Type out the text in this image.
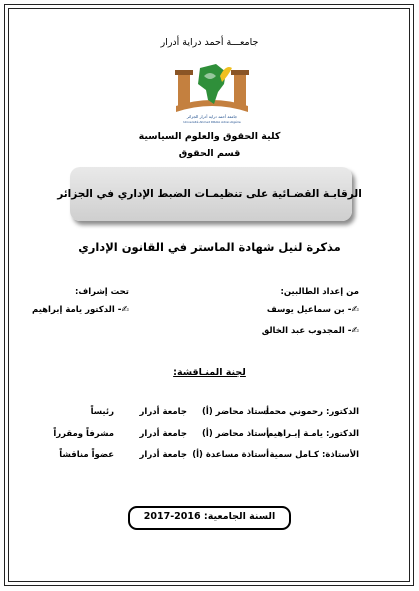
جامعـــة أحمد دراية أدرار
جامعة أحمد دراية أدرار الجزائر
Université Ahmed DRAIA Adrar-Algérie
كلية الحقوق والعلوم السياسية
قسم الحقوق
الرقابـة القضـائية على تنظيمـات الضبط الإداري في الجزائر
مذكرة لنيل شهادة الماستر في القانون الإداري
من إعداد الطالبين:
تحت إشراف:
✍- بن سماعيل يوسف
✍- المجدوب عبد الخالق
✍- الدكتور يامة إبراهيم
لجنة المنـاقشة:
الدكتور: رحموني محمد
أستاذ محاضر (أ)
جامعة أدرار
رئيساً
الدكتور: يامـة إبـراهيم
أستاذ محاضر (أ)
جامعة أدرار
مشرفاً ومقرراً
الأستاذة: كـامل سمية
أستاذة مساعدة (أ)
جامعة أدرار
عضواً مناقشاً
السنة الجامعية: 2016-2017
